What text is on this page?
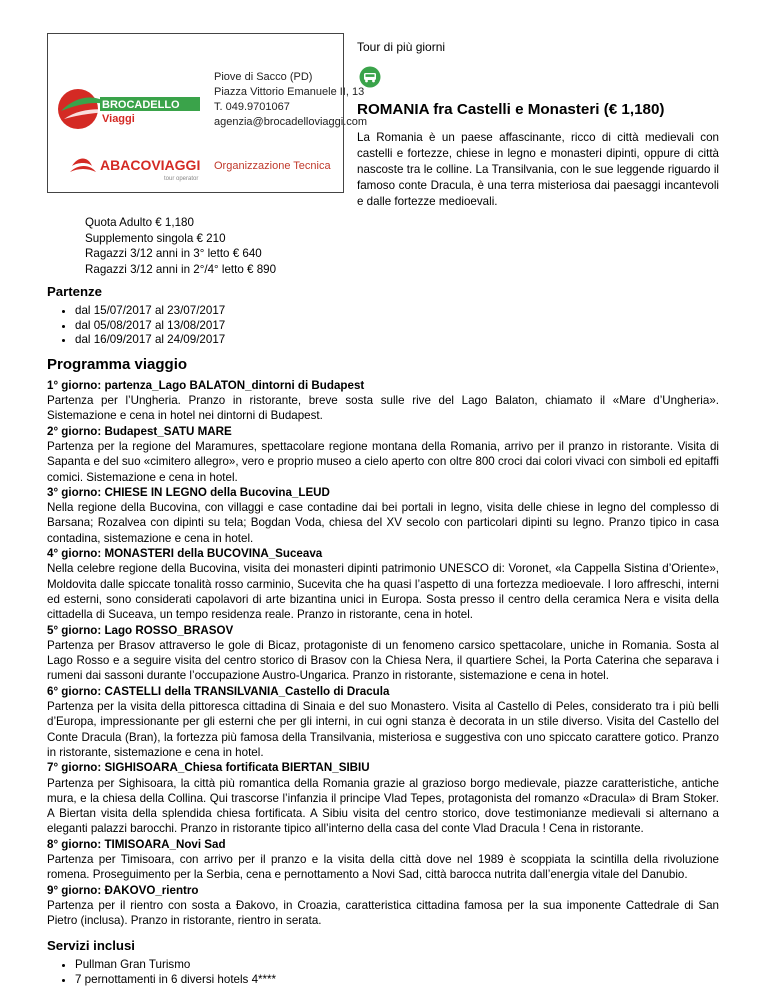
BROCADELLO
Viaggi
Piove di Sacco (PD)
Piazza Vittorio Emanuele II, 13
T. 049.9701067
agenzia@brocadelloviaggi.com
ABACOVIAGGI
tour operator
Organizzazione Tecnica
Tour di più giorni
ROMANIA fra Castelli e Monasteri (€ 1,180)

La Romania è un paese affascinante, ricco di città medievali con castelli e fortezze, chiese in legno e monasteri dipinti, oppure di città nascoste tra le colline. La Transilvania, con le sue leggende riguardo il famoso conte Dracula, è una terra misteriosa dai paesaggi incantevoli e dalle fortezze medioevali.

Quota Adulto € 1,180
Supplemento singola € 210
Ragazzi 3/12 anni in 3° letto € 640
Ragazzi 3/12 anni in 2°/4° letto € 890
Partenze
• dal 15/07/2017 al 23/07/2017
• dal 05/08/2017 al 13/08/2017
• dal 16/09/2017 al 24/09/2017
Programma viaggio
1° giorno: partenza_Lago BALATON_dintorni di Budapest

Partenza per l’Ungheria. Pranzo in ristorante, breve sosta sulle rive del Lago Balaton, chiamato il «Mare d’Ungheria». Sistemazione e cena in hotel nei dintorni di Budapest.

2° giorno: Budapest_SATU MARE

Partenza per la regione del Maramures, spettacolare regione montana della Romania, arrivo per il pranzo in ristorante. Visita di Sapanta e del suo «cimitero allegro», vero e proprio museo a cielo aperto con oltre 800 croci dai colori vivaci con simboli ed epitaffi comici. Sistemazione e cena in hotel.

3° giorno: CHIESE IN LEGNO della Bucovina_LEUD

Nella regione della Bucovina, con villaggi e case contadine dai bei portali in legno, visita delle chiese in legno del complesso di Barsana; Rozalvea con dipinti su tela; Bogdan Voda, chiesa del XV secolo con particolari dipinti su legno. Pranzo tipico in casa contadina, sistemazione e cena in hotel.

4° giorno: MONASTERI della BUCOVINA_Suceava

Nella celebre regione della Bucovina, visita dei monasteri dipinti patrimonio UNESCO di: Voronet, «la Cappella Sistina d’Oriente», Moldovita dalle spiccate tonalità rosso carminio, Sucevita che ha quasi l’aspetto di una fortezza medioevale. I loro affreschi, interni ed esterni, sono considerati capolavori di arte bizantina unici in Europa. Sosta presso il centro della ceramica Nera e visita della cittadella di Suceava, un tempo residenza reale. Pranzo in ristorante, cena in hotel.

5° giorno: Lago ROSSO_BRASOV

Partenza per Brasov attraverso le gole di Bicaz, protagoniste di un fenomeno carsico spettacolare, uniche in Romania. Sosta al Lago Rosso e a seguire visita del centro storico di Brasov con la Chiesa Nera, il quartiere Schei, la Porta Caterina che separava i rumeni dai sassoni durante l’occupazione Austro-Ungarica. Pranzo in ristorante, sistemazione e cena in hotel.

6° giorno: CASTELLI della TRANSILVANIA_Castello di Dracula

Partenza per la visita della pittoresca cittadina di Sinaia e del suo Monastero. Visita al Castello di Peles, considerato tra i più belli d’Europa, impressionante per gli esterni che per gli interni, in cui ogni stanza è decorata in un stile diverso. Visita del Castello del Conte Dracula (Bran), la fortezza più famosa della Transilvania, misteriosa e suggestiva con uno spiccato carattere gotico. Pranzo in ristorante, sistemazione e cena in hotel.

7° giorno: SIGHISOARA_Chiesa fortificata BIERTAN_SIBIU

Partenza per Sighisoara, la città più romantica della Romania grazie al grazioso borgo medievale, piazze caratteristiche, antiche mura, e la chiesa della Collina. Qui trascorse l’infanzia il principe Vlad Tepes, protagonista del romanzo «Dracula» di Bram Stoker. A Biertan visita della splendida chiesa fortificata. A Sibiu visita del centro storico, dove testimonianze medievali si alternano a eleganti palazzi barocchi. Pranzo in ristorante tipico all’interno della casa del conte Vlad Dracula ! Cena in ristorante.

8° giorno: TIMISOARA_Novi Sad

Partenza per Timisoara, con arrivo per il pranzo e la visita della città dove nel 1989 è scoppiata la scintilla della rivoluzione romena. Proseguimento per la Serbia, cena e pernottamento a Novi Sad, città barocca nutrita dall’energia vitale del Danubio.

9° giorno: ĐAKOVO_rientro

Partenza per il rientro con sosta a Đakovo, in Croazia, caratteristica cittadina famosa per la sua imponente Cattedrale di San Pietro (inclusa). Pranzo in ristorante, rientro in serata.

Servizi inclusi
• Pullman Gran Turismo
• 7 pernottamenti in 6 diversi hotels 4****
